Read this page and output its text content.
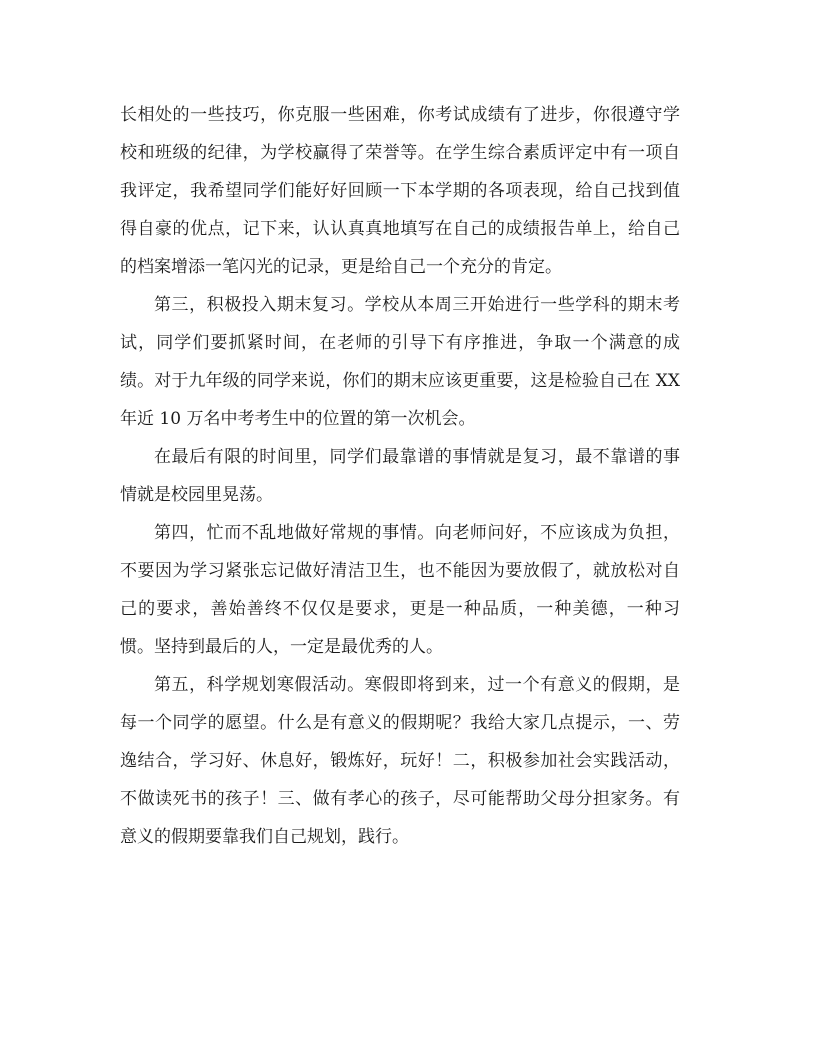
长相处的一些技巧，你克服一些困难，你考试成绩有了进步，你很遵守学校和班级的纪律，为学校赢得了荣誉等。在学生综合素质评定中有一项自我评定，我希望同学们能好好回顾一下本学期的各项表现，给自己找到值得自豪的优点，记下来，认认真真地填写在自己的成绩报告单上，给自己的档案增添一笔闪光的记录，更是给自己一个充分的肯定。

第三，积极投入期末复习。学校从本周三开始进行一些学科的期末考试，同学们要抓紧时间，在老师的引导下有序推进，争取一个满意的成绩。对于九年级的同学来说，你们的期末应该更重要，这是检验自己在 XX 年近 10 万名中考考生中的位置的第一次机会。

在最后有限的时间里，同学们最靠谱的事情就是复习，最不靠谱的事情就是校园里晃荡。

第四，忙而不乱地做好常规的事情。向老师问好，不应该成为负担，不要因为学习紧张忘记做好清洁卫生，也不能因为要放假了，就放松对自己的要求，善始善终不仅仅是要求，更是一种品质，一种美德，一种习惯。坚持到最后的人，一定是最优秀的人。

第五，科学规划寒假活动。寒假即将到来，过一个有意义的假期，是每一个同学的愿望。什么是有意义的假期呢？我给大家几点提示，一、劳逸结合，学习好、休息好，锻炼好，玩好！二，积极参加社会实践活动，不做读死书的孩子！三、做有孝心的孩子，尽可能帮助父母分担家务。有意义的假期要靠我们自己规划，践行。
